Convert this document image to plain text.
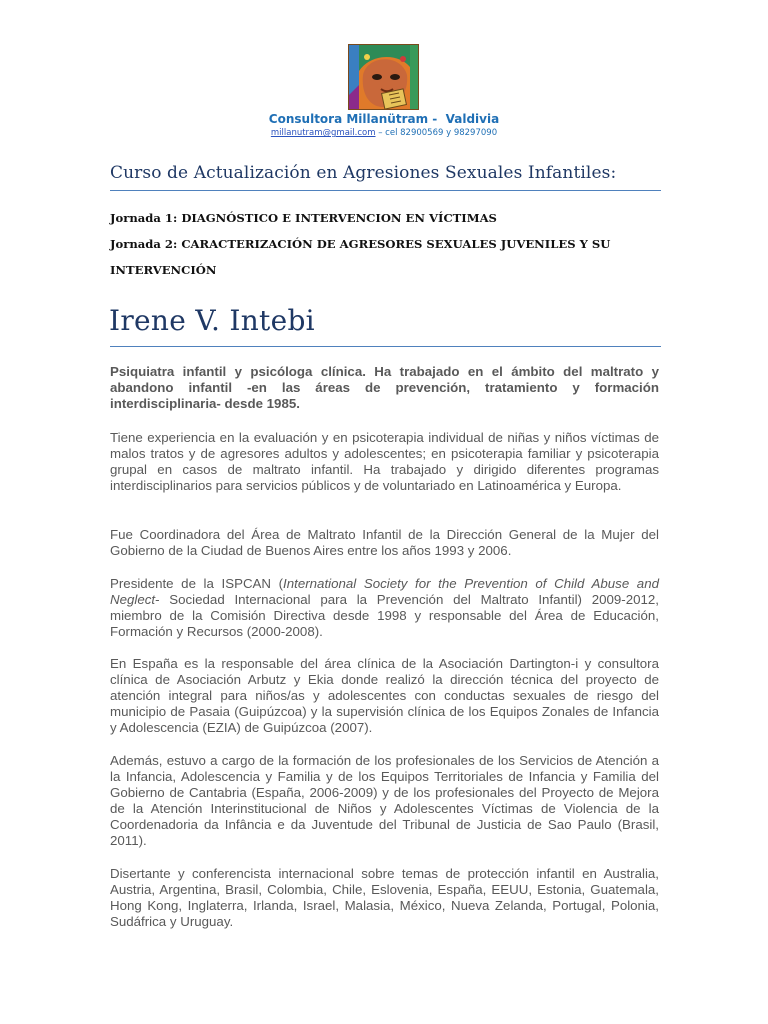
Consultora Millanütram -  Valdivia
millanutram@gmail.com – cel 82900569 y 98297090
Curso de Actualización en Agresiones Sexuales Infantiles:
Jornada 1: DIAGNÓSTICO E INTERVENCION EN VÍCTIMAS
Jornada 2: CARACTERIZACIÓN DE AGRESORES SEXUALES JUVENILES Y SU INTERVENCIÓN
Irene V. Intebi
Psiquiatra infantil y psicóloga clínica. Ha trabajado en el ámbito del maltrato y abandono infantil -en las áreas de prevención, tratamiento y formación interdisciplinaria- desde 1985.
Tiene experiencia en la evaluación y en psicoterapia individual de niñas y niños víctimas de malos tratos y de agresores adultos y adolescentes; en psicoterapia familiar y psicoterapia grupal en casos de maltrato infantil. Ha trabajado y dirigido diferentes programas interdisciplinarios para servicios públicos y de voluntariado en Latinoamérica y Europa.
Fue Coordinadora del Área de Maltrato Infantil de la Dirección General de la Mujer del Gobierno de la Ciudad de Buenos Aires entre los años 1993 y 2006.
Presidente de la ISPCAN (International Society for the Prevention of Child Abuse and Neglect- Sociedad Internacional para la Prevención del Maltrato Infantil) 2009-2012, miembro de la Comisión Directiva desde 1998 y responsable del Área de Educación, Formación y Recursos (2000-2008).
En España es la responsable del área clínica de la Asociación Dartington-i y consultora clínica de Asociación Arbutz y Ekia donde realizó la dirección técnica del proyecto de atención integral para niños/as y adolescentes con conductas sexuales de riesgo del municipio de Pasaia (Guipúzcoa) y la supervisión clínica de los Equipos Zonales de Infancia y Adolescencia (EZIA) de Guipúzcoa (2007).
Además, estuvo a cargo de la formación de los profesionales de los Servicios de Atención a la Infancia, Adolescencia y Familia y de los Equipos Territoriales de Infancia y Familia del Gobierno de Cantabria (España, 2006-2009) y de los profesionales del Proyecto de Mejora de la Atención Interinstitucional de Niños y Adolescentes Víctimas de Violencia de la Coordenadoria da Infância e da Juventude del Tribunal de Justicia de Sao Paulo (Brasil, 2011).
Disertante y conferencista internacional sobre temas de protección infantil en Australia, Austria, Argentina, Brasil, Colombia, Chile, Eslovenia, España, EEUU, Estonia, Guatemala, Hong Kong, Inglaterra, Irlanda, Israel, Malasia, México, Nueva Zelanda, Portugal, Polonia, Sudáfrica y Uruguay.
